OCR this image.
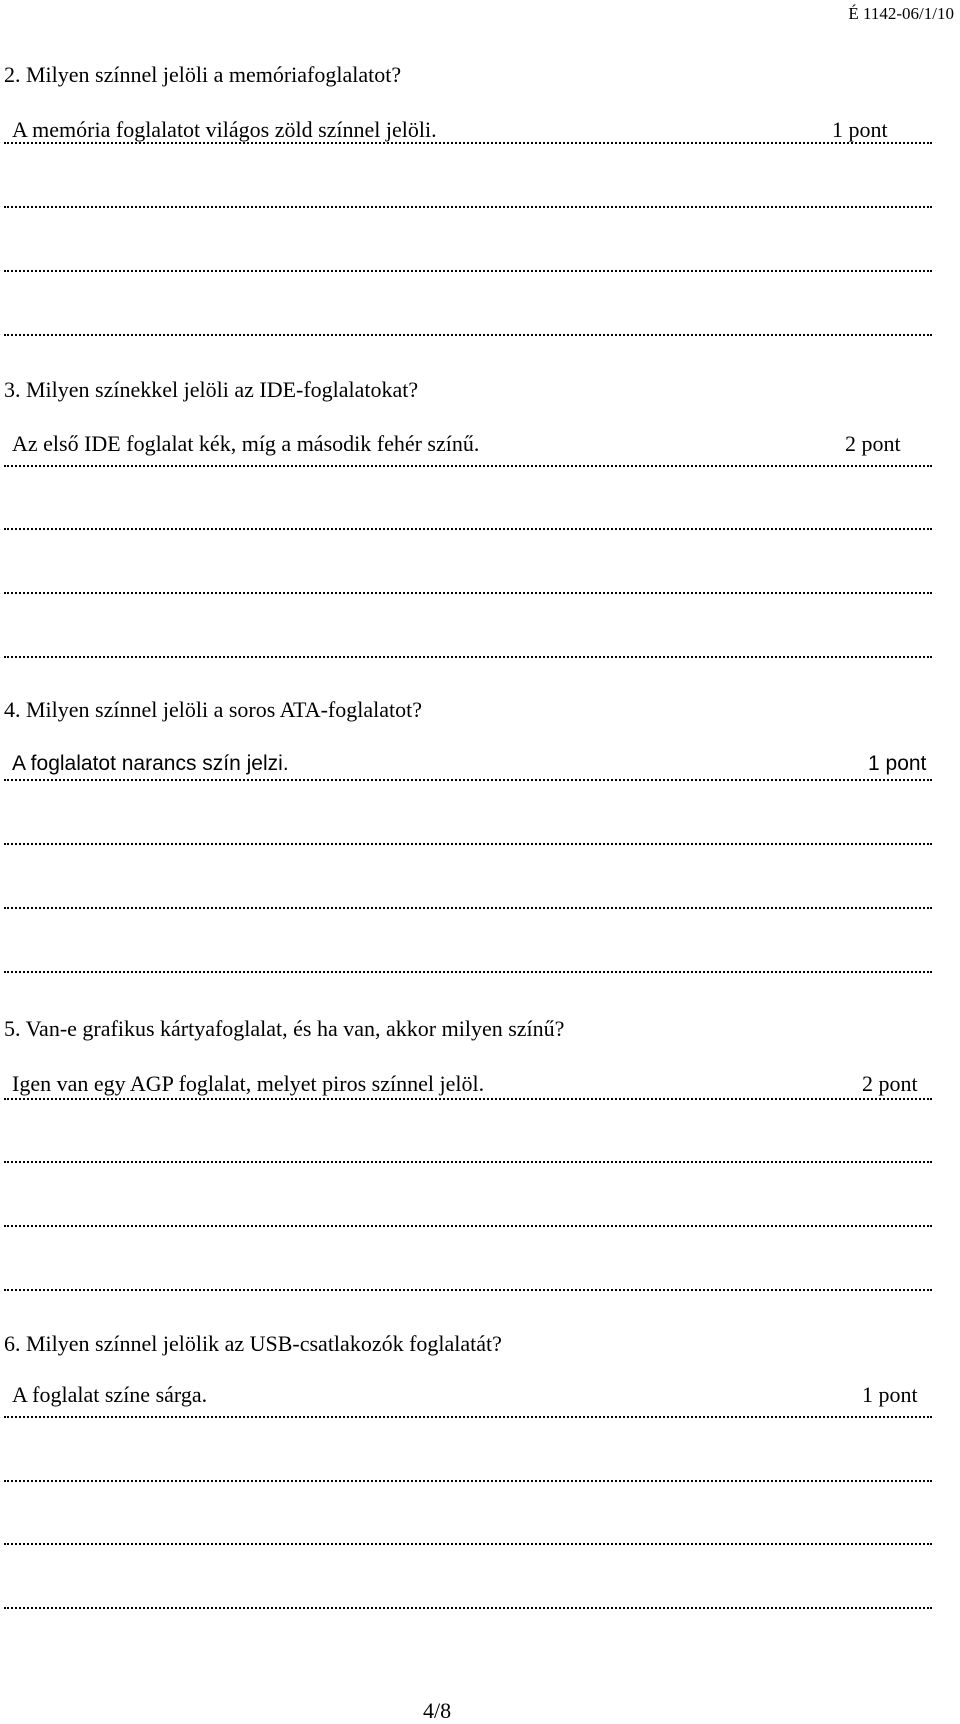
É 1142-06/1/10
2. Milyen színnel jelöli a memóriafoglalatot?
A memória foglalatot világos zöld színnel jelöli.	1 pont
3. Milyen színekkel jelöli az IDE-foglalatokat?
Az első IDE foglalat kék, míg a második fehér színű.	2 pont
4. Milyen színnel jelöli a soros ATA-foglalatot?
A foglalatot narancs szín jelzi.	1 pont
5. Van-e grafikus kártyafoglalat, és ha van, akkor milyen színű?
Igen van egy AGP foglalat, melyet piros színnel jelöl.	2 pont
6. Milyen színnel jelölik az USB-csatlakozók foglalatát?
A foglalat színe sárga.	1 pont
4/8
